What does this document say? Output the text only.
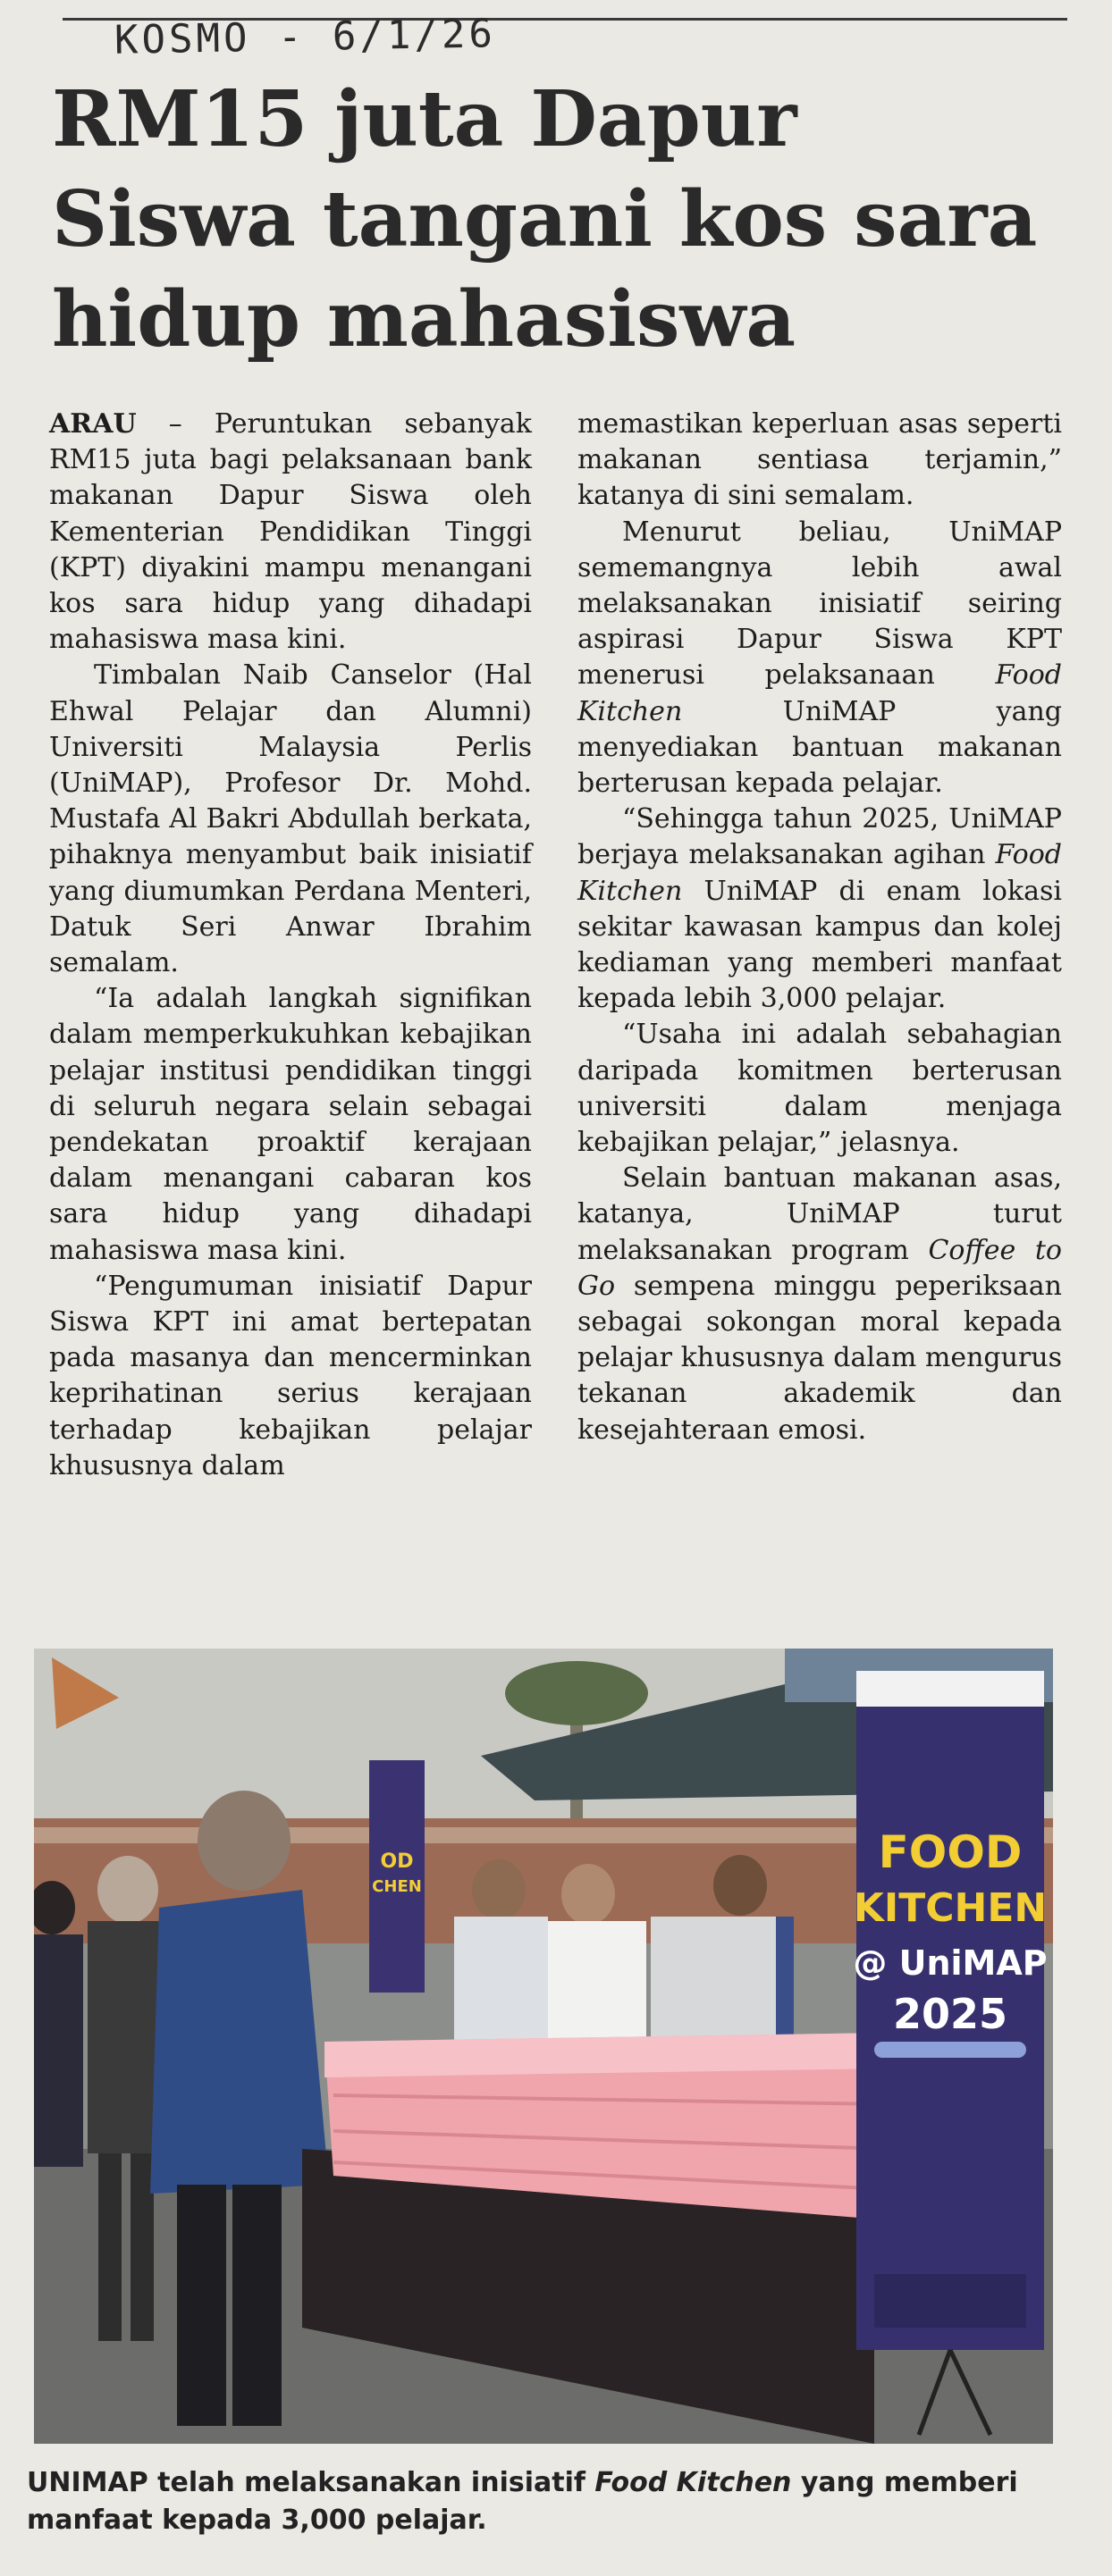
KOSMO - 6/1/26
RM15 juta Dapur Siswa tangani kos sara hidup mahasiswa

ARAU – Peruntukan sebanyak RM15 juta bagi pelaksanaan bank makanan Dapur Siswa oleh Kementerian Pendidikan Tinggi (KPT) diyakini mampu menangani kos sara hidup yang dihadapi mahasiswa masa kini.

Timbalan Naib Canselor (Hal Ehwal Pelajar dan Alumni) Universiti Malaysia Perlis (UniMAP), Profesor Dr. Mohd. Mustafa Al Bakri Abdullah berkata, pihaknya menyambut baik inisiatif yang diumumkan Perdana Menteri, Datuk Seri Anwar Ibrahim semalam.

“Ia adalah langkah signifikan dalam memperkukuhkan kebajikan pelajar institusi pendidikan tinggi di seluruh negara selain sebagai pendekatan proaktif kerajaan dalam menangani cabaran kos sara hidup yang dihadapi mahasiswa masa kini.

“Pengumuman inisiatif Dapur Siswa KPT ini amat bertepatan pada masanya dan mencerminkan keprihatinan serius kerajaan terhadap kebajikan pelajar khususnya dalam

memastikan keperluan asas seperti makanan sentiasa terjamin,” katanya di sini semalam.

Menurut beliau, UniMAP sememangnya lebih awal melaksanakan inisiatif seiring aspirasi Dapur Siswa KPT menerusi pelaksanaan Food Kitchen UniMAP yang menyediakan bantuan makanan berterusan kepada pelajar.

“Sehingga tahun 2025, UniMAP berjaya melaksanakan agihan Food Kitchen UniMAP di enam lokasi sekitar kawasan kampus dan kolej kediaman yang memberi manfaat kepada lebih 3,000 pelajar.

“Usaha ini adalah sebahagian daripada komitmen berterusan universiti dalam menjaga kebajikan pelajar,” jelasnya.

Selain bantuan makanan asas, katanya, UniMAP turut melaksanakan program Coffee to Go sempena minggu peperiksaan sebagai sokongan moral kepada pelajar khususnya dalam mengurus tekanan akademik dan kesejahteraan emosi.

OD
CHEN
FOOD
KITCHEN
@ UniMAP
2025

UNIMAP telah melaksanakan inisiatif Food Kitchen yang memberi manfaat kepada 3,000 pelajar.
